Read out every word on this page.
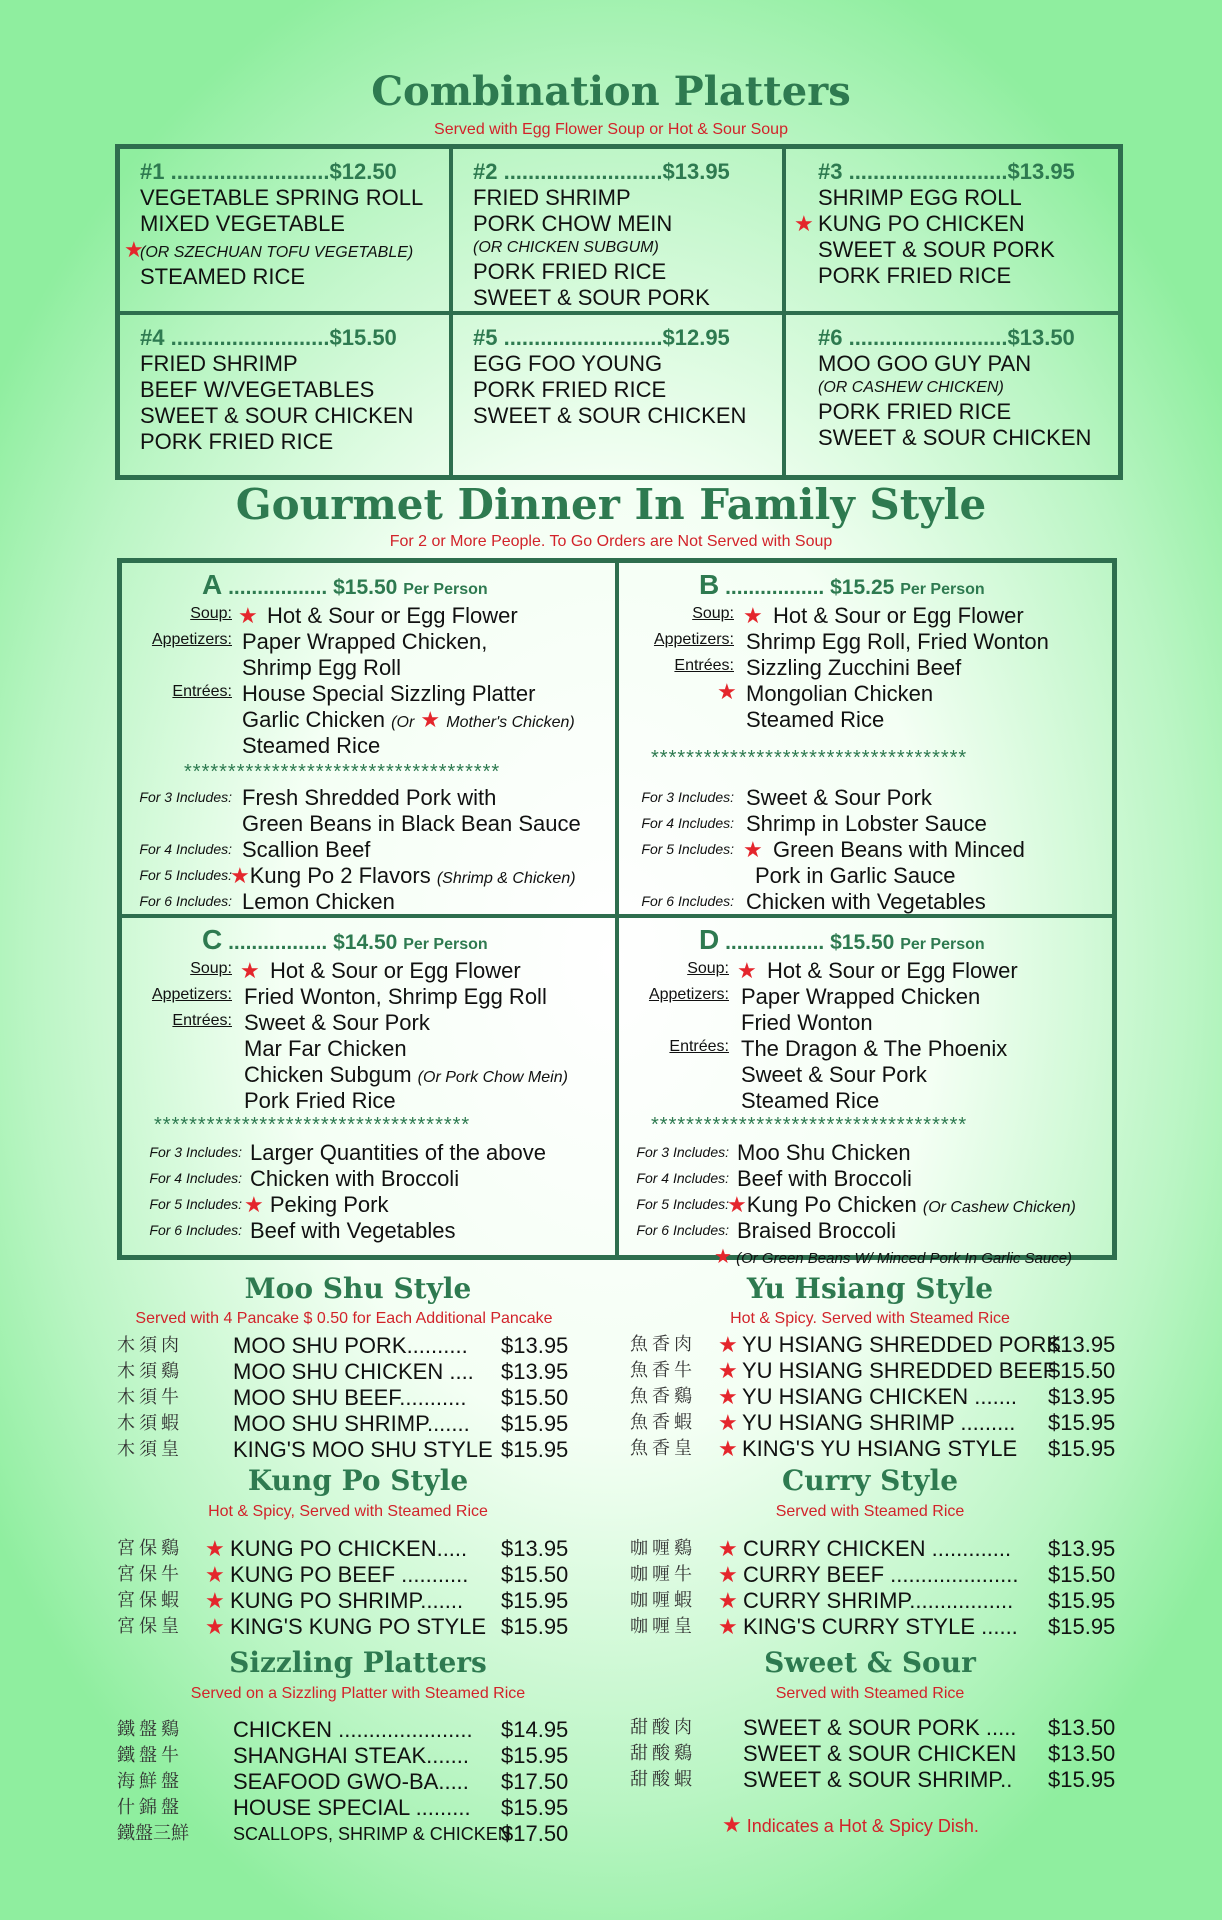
Combination Platters
Served with Egg Flower Soup or Hot & Sour Soup
#1 ..........................$12.50
VEGETABLE SPRING ROLL
MIXED VEGETABLE
★
(OR SZECHUAN TOFU VEGETABLE)
STEAMED RICE
#2 ..........................$13.95
FRIED SHRIMP
PORK CHOW MEIN
(OR CHICKEN SUBGUM)
PORK FRIED RICE
SWEET & SOUR PORK
#3 ..........................$13.95
SHRIMP EGG ROLL
★ KUNG PO CHICKEN
SWEET & SOUR PORK
PORK FRIED RICE
#4 ..........................$15.50
FRIED SHRIMP
BEEF W/VEGETABLES
SWEET & SOUR CHICKEN
PORK FRIED RICE
#5 ..........................$12.95
EGG FOO YOUNG
PORK FRIED RICE
SWEET & SOUR CHICKEN
#6 ..........................$13.50
MOO GOO GUY PAN
(OR CASHEW CHICKEN)
PORK FRIED RICE
SWEET & SOUR CHICKEN
Gourmet Dinner In Family Style
For 2 or More People. To Go Orders are Not Served with Soup
A ................. $15.50 Per Person
Soup: ★ Hot & Sour or Egg Flower
Appetizers: Paper Wrapped Chicken,
Shrimp Egg Roll
Entrées: House Special Sizzling Platter
Garlic Chicken (Or ★ Mother's Chicken)
Steamed Rice
************************************
For 3 Includes: Fresh Shredded Pork with
Green Beans in Black Bean Sauce
For 4 Includes: Scallion Beef
For 5 Includes:
★Kung Po 2 Flavors (Shrimp & Chicken)
For 6 Includes: Lemon Chicken
B ................. $15.25 Per Person
Soup: ★ Hot & Sour or Egg Flower
Appetizers: Shrimp Egg Roll, Fried Wonton
Entrées: Sizzling Zucchini Beef
★ Mongolian Chicken
Steamed Rice
************************************
For 3 Includes: Sweet & Sour Pork
For 4 Includes: Shrimp in Lobster Sauce
For 5 Includes: ★ Green Beans with Minced
Pork in Garlic Sauce
For 6 Includes: Chicken with Vegetables
C ................. $14.50 Per Person
Soup: ★ Hot & Sour or Egg Flower
Appetizers: Fried Wonton, Shrimp Egg Roll
Entrées: Sweet & Sour Pork
Mar Far Chicken
Chicken Subgum (Or Pork Chow Mein)
Pork Fried Rice
************************************
For 3 Includes: Larger Quantities of the above
For 4 Includes: Chicken with Broccoli
For 5 Includes: ★ Peking Pork
For 6 Includes: Beef with Vegetables
D ................. $15.50 Per Person
Soup: ★ Hot & Sour or Egg Flower
Appetizers: Paper Wrapped Chicken
Fried Wonton
Entrées: The Dragon & The Phoenix
Sweet & Sour Pork
Steamed Rice
************************************
For 3 Includes: Moo Shu Chicken
For 4 Includes: Beef with Broccoli
For 5 Includes:
★Kung Po Chicken (Or Cashew Chicken)
For 6 Includes: Braised Broccoli
★ (Or Green Beans W/ Minced Pork In Garlic Sauce)
Moo Shu Style
Served with 4 Pancake $ 0.50 for Each Additional Pancake
木須肉 MOO SHU PORK.......... $13.95
木須鷄 MOO SHU CHICKEN .... $13.95
木須牛 MOO SHU BEEF........... $15.50
木須蝦 MOO SHU SHRIMP....... $15.95
木須皇 KING'S MOO SHU STYLE $15.95
Yu Hsiang Style
Hot & Spicy. Served with Steamed Rice
魚香肉 ★ YU HSIANG SHREDDED PORK
$13.95
魚香牛 ★ YU HSIANG SHREDDED BEEF
$15.50
魚香鷄 ★ YU HSIANG CHICKEN ....... $13.95
魚香蝦 ★ YU HSIANG SHRIMP ......... $15.95
魚香皇 ★ KING'S YU HSIANG STYLE $15.95
Kung Po Style
Hot & Spicy, Served with Steamed Rice
宮保鷄 ★ KUNG PO CHICKEN..... $13.95
宮保牛 ★ KUNG PO BEEF ........... $15.50
宮保蝦 ★ KUNG PO SHRIMP....... $15.95
宮保皇 ★ KING'S KUNG PO STYLE $15.95
Curry Style
Served with Steamed Rice
咖喱鷄 ★ CURRY CHICKEN ............. $13.95
咖喱牛 ★ CURRY BEEF ..................... $15.50
咖喱蝦 ★ CURRY SHRIMP................. $15.95
咖喱皇 ★ KING'S CURRY STYLE ...... $15.95
Sizzling Platters
Served on a Sizzling Platter with Steamed Rice
鐵盤鷄 CHICKEN ...................... $14.95
鐵盤牛 SHANGHAI STEAK....... $15.95
海鮮盤 SEAFOOD GWO-BA..... $17.50
什錦盤 HOUSE SPECIAL ......... $15.95
鐵盤三鮮 SCALLOPS, SHRIMP & CHICKEN
$17.50
Sweet & Sour
Served with Steamed Rice
甜酸肉 SWEET & SOUR PORK ..... $13.50
甜酸鷄 SWEET & SOUR CHICKEN $13.50
甜酸蝦 SWEET & SOUR SHRIMP.. $15.95
★ Indicates a Hot & Spicy Dish.
